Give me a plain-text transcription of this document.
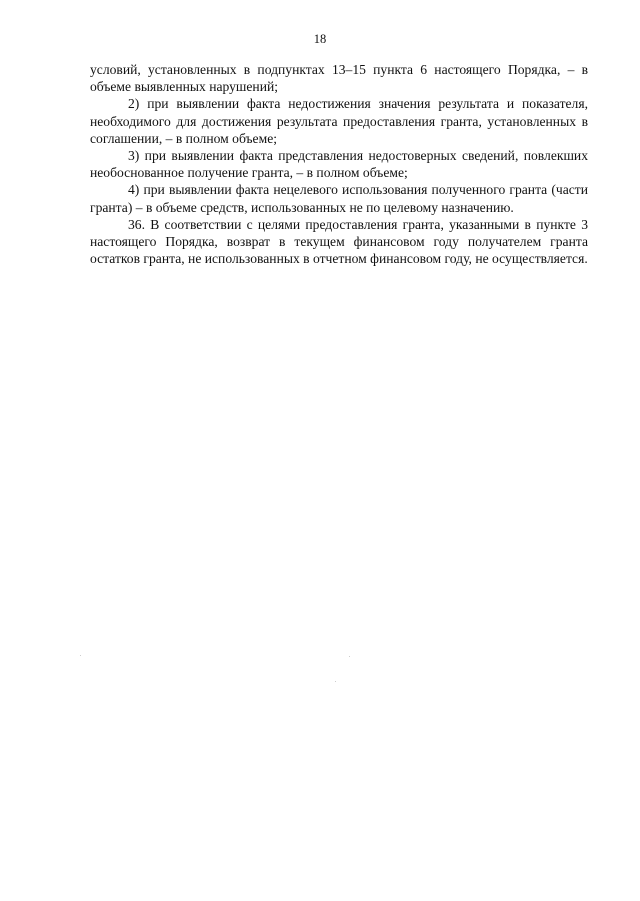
18

условий, установленных в подпунктах 13–15 пункта 6 настоящего Порядка, – в объеме выявленных нарушений;

2) при выявлении факта недостижения значения результата и показателя, необходимого для достижения результата предоставления гранта, установленных в соглашении, – в полном объеме;

3) при выявлении факта представления недостоверных сведений, повлекших необоснованное получение гранта, – в полном объеме;

4) при выявлении факта нецелевого использования полученного гранта (части гранта) – в объеме средств, использованных не по целевому назначению.

36. В соответствии с целями предоставления гранта, указанными в пункте 3 настоящего Порядка, возврат в текущем финансовом году получателем гранта остатков гранта, не использованных в отчетном финансовом году, не осуществляется.
